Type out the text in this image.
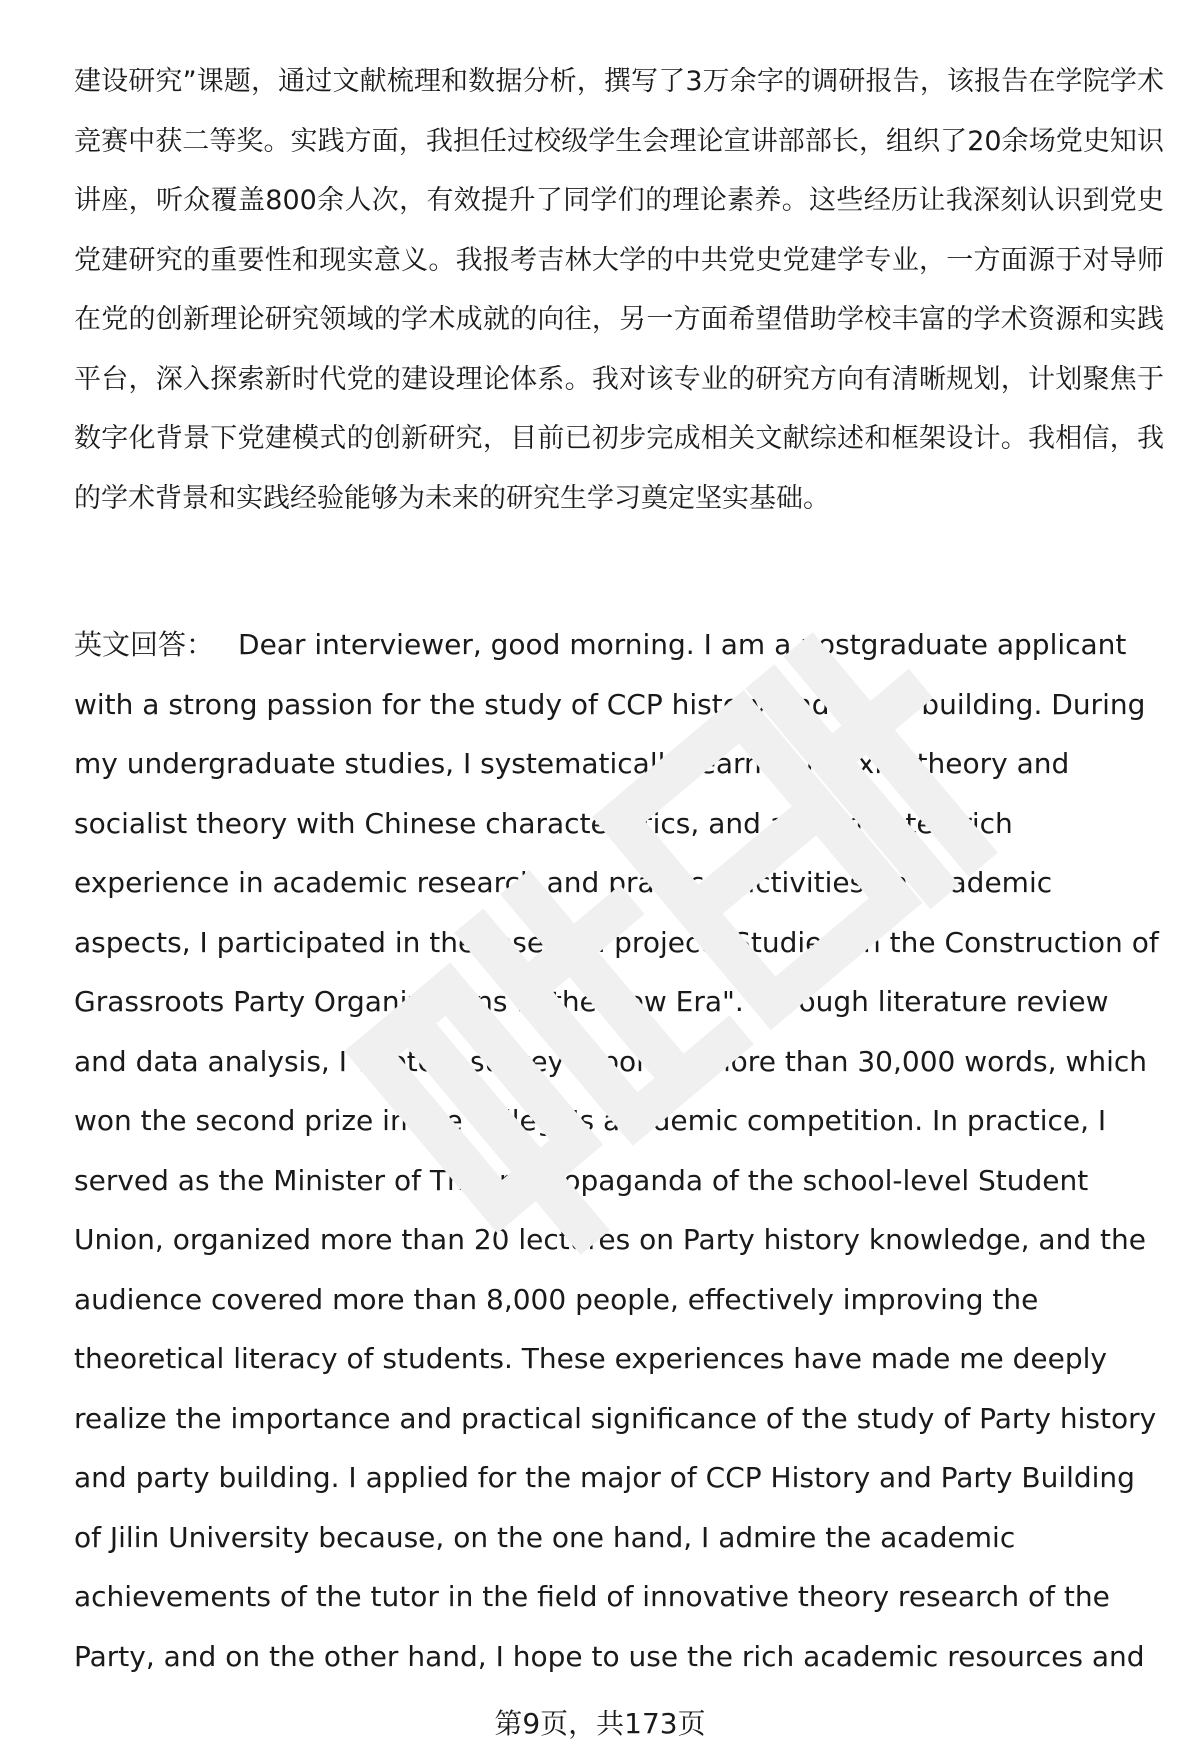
建设研究”课题，通过文献梳理和数据分析，撰写了3万余字的调研报告，该报告在学院学术竞赛中获二等奖。实践方面，我担任过校级学生会理论宣讲部部长，组织了20余场党史知识讲座，听众覆盖800余人次，有效提升了同学们的理论素养。这些经历让我深刻认识到党史党建研究的重要性和现实意义。我报考吉林大学的中共党史党建学专业，一方面源于对导师在党的创新理论研究领域的学术成就的向往，另一方面希望借助学校丰富的学术资源和实践平台，深入探索新时代党的建设理论体系。我对该专业的研究方向有清晰规划，计划聚焦于数字化背景下党建模式的创新研究，目前已初步完成相关文献综述和框架设计。我相信，我的学术背景和实践经验能够为未来的研究生学习奠定坚实基础。

英文回答： Dear interviewer, good morning. I am a postgraduate applicant with a strong passion for the study of CCP history and party building. During my undergraduate studies, I systematically learned Marxist theory and socialist theory with Chinese characteristics, and accumulated rich experience in academic research and practical activities. In academic aspects, I participated in the research project "Studies on the Construction of Grassroots Party Organizations in the New Era". Through literature review and data analysis, I wrote a survey report of more than 30,000 words, which won the second prize in the college's academic competition. In practice, I served as the Minister of Theory Propaganda of the school-level Student Union, organized more than 20 lectures on Party history knowledge, and the audience covered more than 8,000 people, effectively improving the theoretical literacy of students. These experiences have made me deeply realize the importance and practical significance of the study of Party history and party building. I applied for the major of CCP History and Party Building of Jilin University because, on the one hand, I admire the academic achievements of the tutor in the field of innovative theory research of the Party, and on the other hand, I hope to use the rich academic resources and

第9页，共173页
